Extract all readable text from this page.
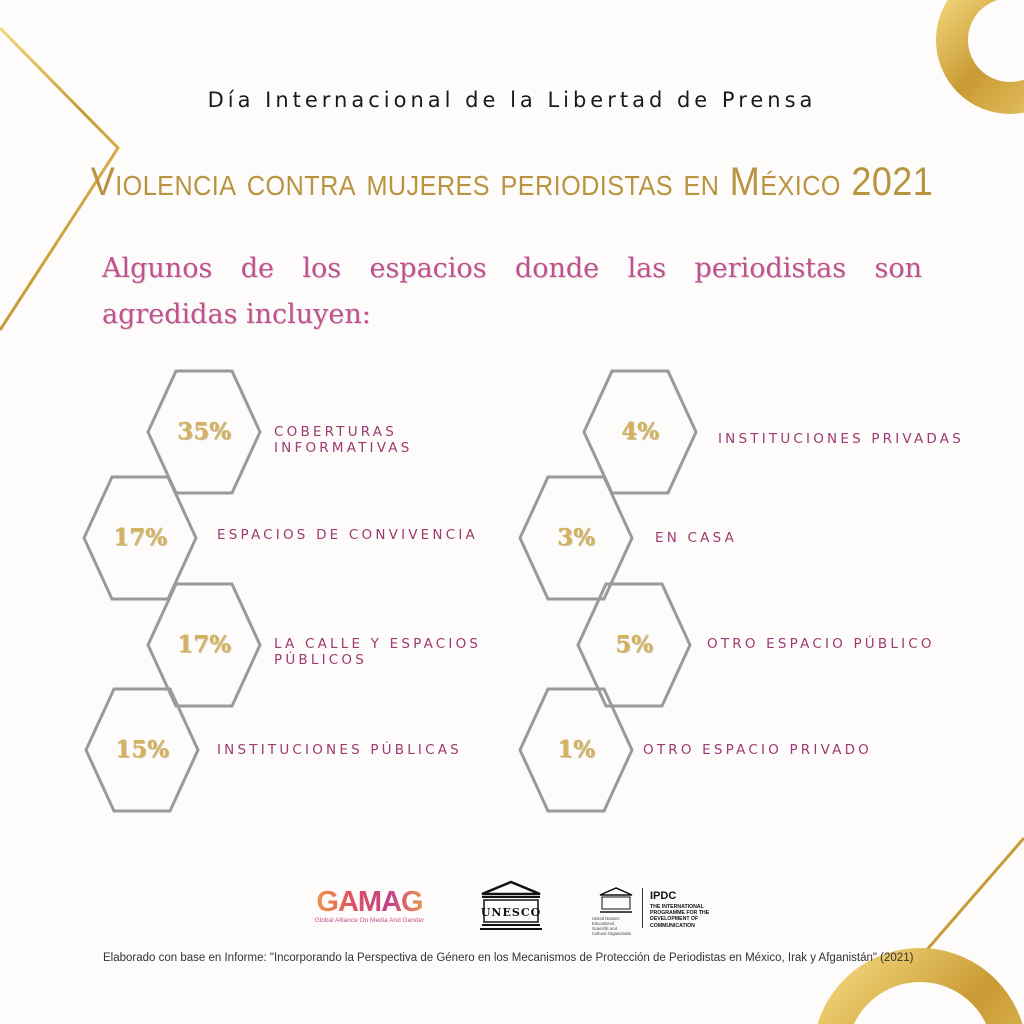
Día Internacional de la Libertad de Prensa
Violencia contra mujeres periodistas en México 2021
Algunos de los espacios donde las periodistas son agredidas incluyen:
35%	COBERTURAS
INFORMATIVAS
17%	ESPACIOS DE CONVIVENCIA
17%	LA CALLE Y ESPACIOS
PÚBLICOS
15%	INSTITUCIONES PÚBLICAS
4%	INSTITUCIONES PRIVADAS
3%	EN CASA
5%	OTRO ESPACIO PÚBLICO
1%	OTRO ESPACIO PRIVADO
GAMAG
Global Alliance On Media And Gender
UNESCO	United Nations Educational, Scientific and Cultural Organization
IPDC
THE INTERNATIONAL PROGRAMME FOR THE DEVELOPMENT OF COMMUNICATION
Elaborado con base en Informe: "Incorporando la Perspectiva de Género en los Mecanismos de Protección de Periodistas en México, Irak y Afganistán" (2021)
